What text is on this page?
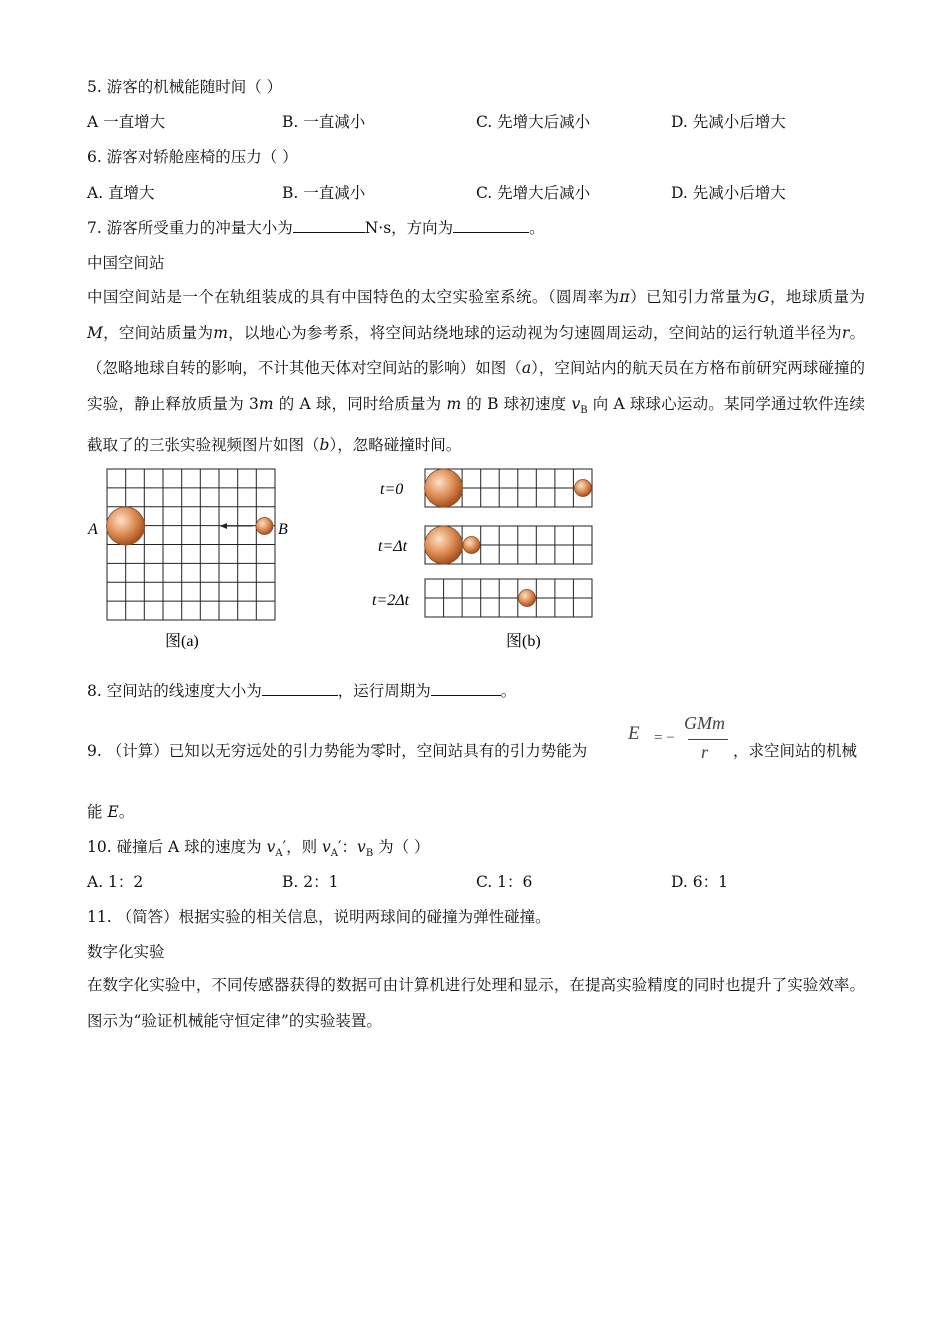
5. 游客的机械能随时间（ ）
A 一直增大	B. 一直减小	C. 先增大后减小	D. 先减小后增大
6. 游客对轿舱座椅的压力（ ）
A. 直增大	B. 一直减小	C. 先增大后减小	D. 先减小后增大
7. 游客所受重力的冲量大小为	N·s，方向为	。
中国空间站
中国空间站是一个在轨组装成的具有中国特色的太空实验室系统。（圆周率为π）已知引力常量为G，地球质量为M，空间站质量为m，以地心为参考系，将空间站绕地球的运动视为匀速圆周运动，空间站的运行轨道半径为r。（忽略地球自转的影响，不计其他天体对空间站的影响）如图（a），空间站内的航天员在方格布前研究两球碰撞的实验，静止释放质量为 3m 的 A 球，同时给质量为 m 的 B 球初速度 $v_B$ 向 A 球球心运动。某同学通过软件连续截取了的三张实验视频图片如图（b），忽略碰撞时间。
A	B
图(a)
t=0
t=Δt
t=2Δt
图(b)
8. 空间站的线速度大小为	，运行周期为	。
9. （计算）已知以无穷远处的引力势能为零时，空间站具有的引力势能为
E = −
GMm
r ，求空间站的机械
能 E。
10. 碰撞后 A 球的速度为 $v_A'$，则 $v_A'$：$v_B$ 为（ ）
A. 1：2	B. 2：1	C. 1：6	D. 6：1
11. （简答）根据实验的相关信息，说明两球间的碰撞为弹性碰撞。
数字化实验
在数字化实验中，不同传感器获得的数据可由计算机进行处理和显示，在提高实验精度的同时也提升了实验效率。图示为“验证机械能守恒定律”的实验装置。
